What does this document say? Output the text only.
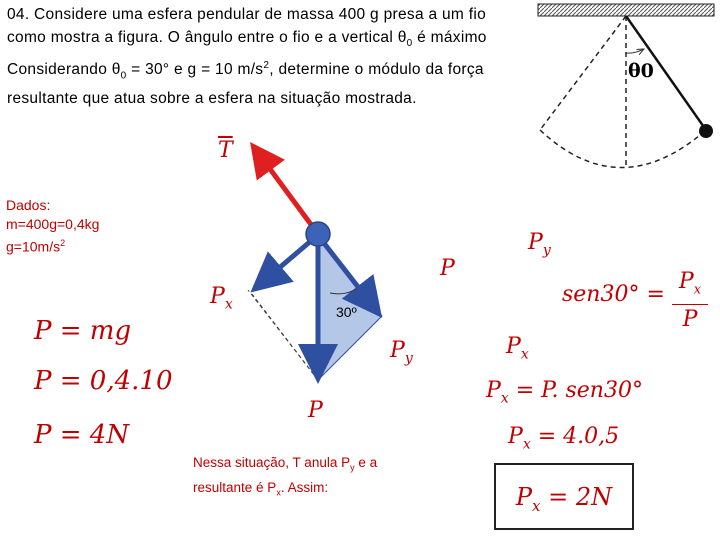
04. Considere uma esfera pendular de massa 400 g presa a um fio
como mostra a figura. O ângulo entre o fio e a vertical $\theta_0$ é máximo
Considerando $\theta_0 = 30^\circ$ e g = 10 $m/s^2$, determine o módulo da força
resultante que atua sobre a esfera na situação mostrada.
θ0
Dados:
m=400g=0,4kg
$g=10m/s^2$
P = mg
P = 0,4.10
P = 4N
$\overline{T}$
$P_x$	30º
$P_y$
P
P
$P_y$
$P_x$
$sen30^\circ = \frac{P_x}{P}$
$P_x = P$. sen30°
$P_x = 4.0,5$
Nessa situação, T anula $P_y$ e a
resultante é $P_x$. Assim:	$P_x = 2N$
